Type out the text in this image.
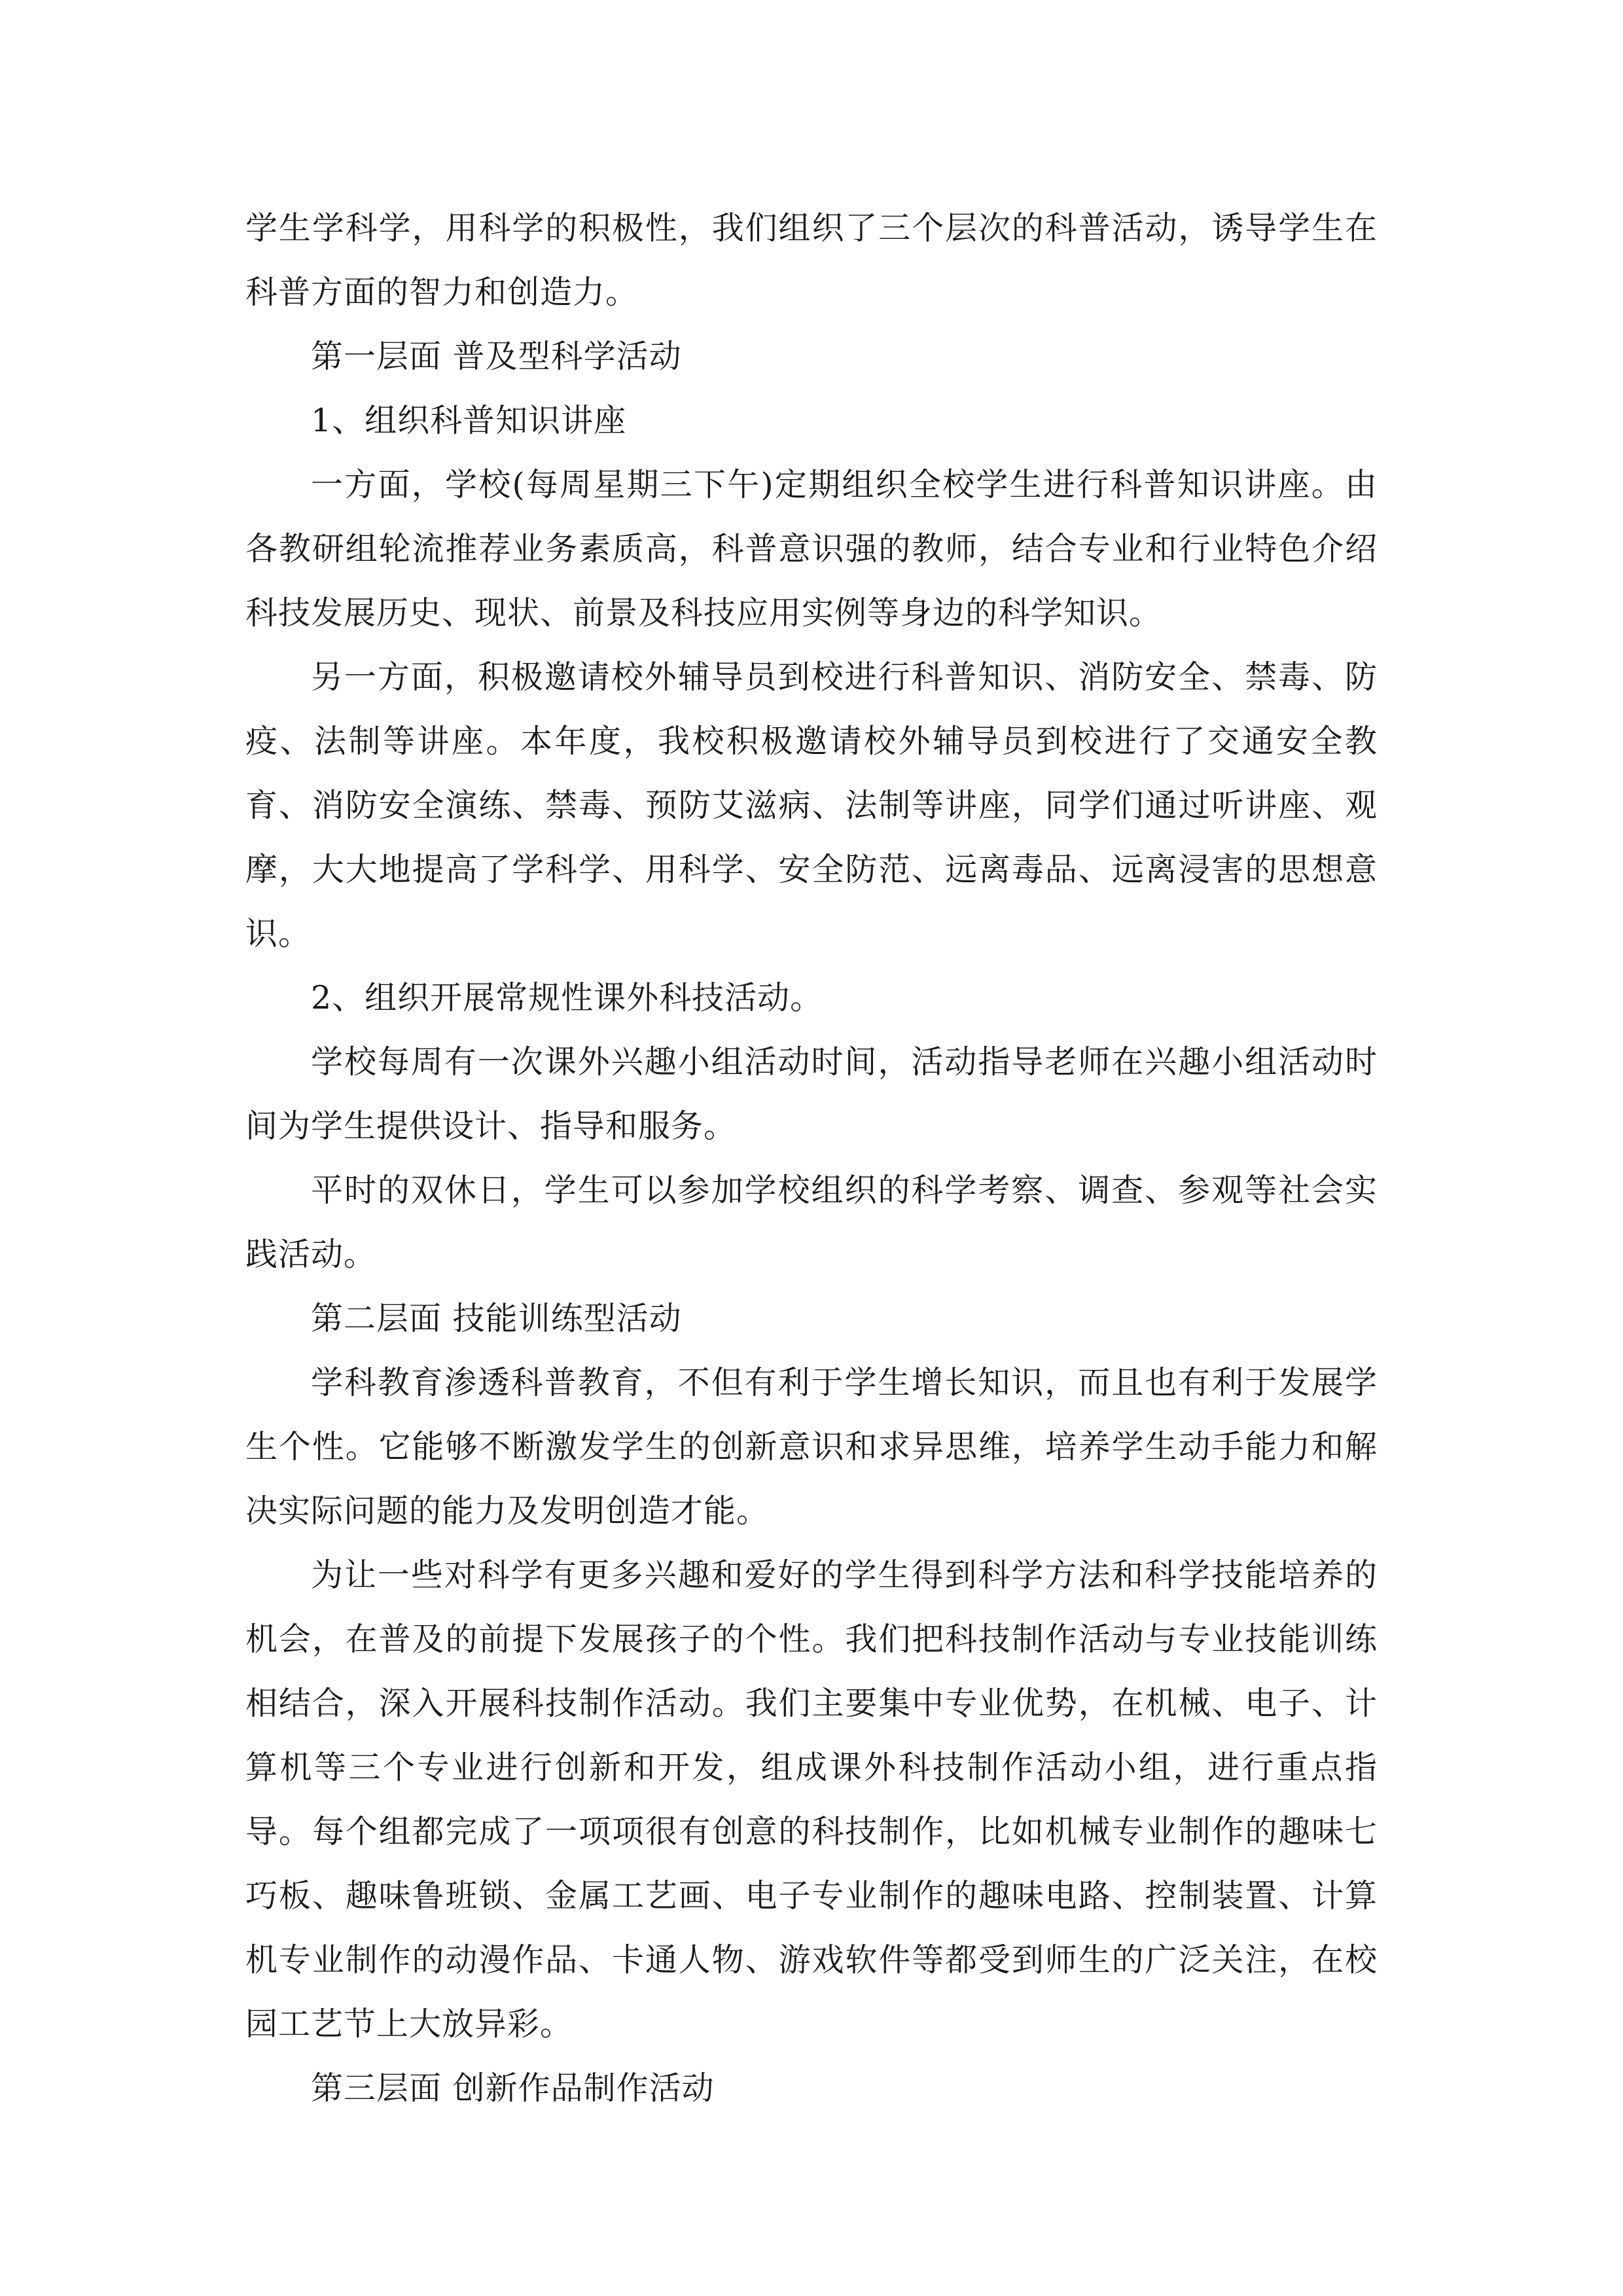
学生学科学，用科学的积极性，我们组织了三个层次的科普活动，诱导学生在科普方面的智力和创造力。

第一层面 普及型科学活动

1、组织科普知识讲座

一方面，学校(每周星期三下午)定期组织全校学生进行科普知识讲座。由各教研组轮流推荐业务素质高，科普意识强的教师，结合专业和行业特色介绍科技发展历史、现状、前景及科技应用实例等身边的科学知识。

另一方面，积极邀请校外辅导员到校进行科普知识、消防安全、禁毒、防疫、法制等讲座。本年度，我校积极邀请校外辅导员到校进行了交通安全教育、消防安全演练、禁毒、预防艾滋病、法制等讲座，同学们通过听讲座、观摩，大大地提高了学科学、用科学、安全防范、远离毒品、远离浸害的思想意识。

2、组织开展常规性课外科技活动。

学校每周有一次课外兴趣小组活动时间，活动指导老师在兴趣小组活动时间为学生提供设计、指导和服务。

平时的双休日，学生可以参加学校组织的科学考察、调查、参观等社会实践活动。

第二层面 技能训练型活动

学科教育渗透科普教育，不但有利于学生增长知识，而且也有利于发展学生个性。它能够不断激发学生的创新意识和求异思维，培养学生动手能力和解决实际问题的能力及发明创造才能。

为让一些对科学有更多兴趣和爱好的学生得到科学方法和科学技能培养的机会，在普及的前提下发展孩子的个性。我们把科技制作活动与专业技能训练相结合，深入开展科技制作活动。我们主要集中专业优势，在机械、电子、计算机等三个专业进行创新和开发，组成课外科技制作活动小组，进行重点指导。每个组都完成了一项项很有创意的科技制作，比如机械专业制作的趣味七巧板、趣味鲁班锁、金属工艺画、电子专业制作的趣味电路、控制装置、计算机专业制作的动漫作品、卡通人物、游戏软件等都受到师生的广泛关注，在校园工艺节上大放异彩。

第三层面 创新作品制作活动
